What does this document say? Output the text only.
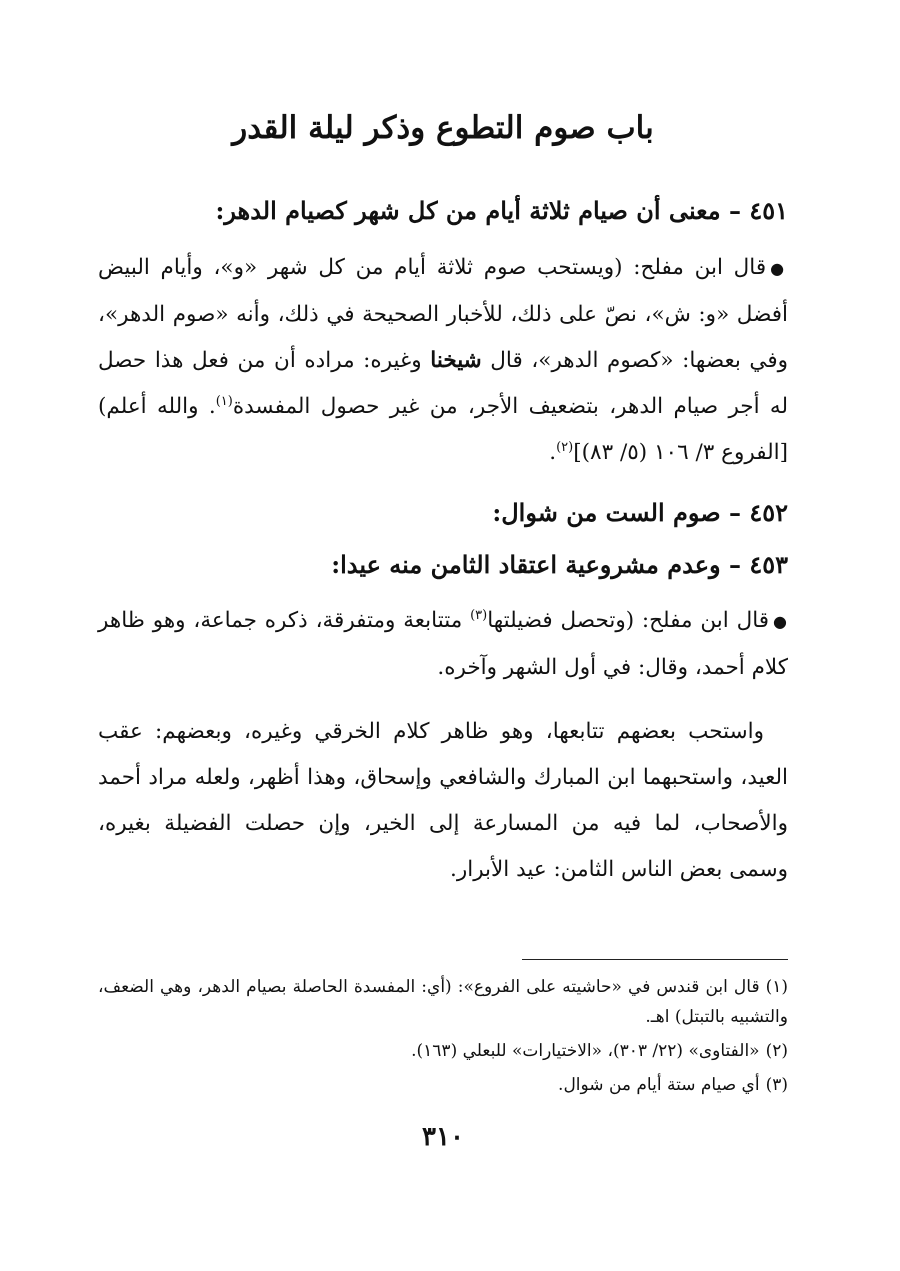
باب صوم التطوع وذكر ليلة القدر
٤٥١ – معنى أن صيام ثلاثة أيام من كل شهر كصيام الدهر:

●قال ابن مفلح: (ويستحب صوم ثلاثة أيام من كل شهر «و»، وأيام البيض أفضل «و: ش»، نصّ على ذلك، للأخبار الصحيحة في ذلك، وأنه «صوم الدهر»، وفي بعضها: «كصوم الدهر»، قال شيخنا وغيره: مراده أن من فعل هذا حصل له أجر صيام الدهر، بتضعيف الأجر، من غير حصول المفسدة$^{(١)}$. والله أعلم) [الفروع ٣/ ١٠٦ (٥/ ٨٣)]$^{(٢)}$.

٤٥٢ – صوم الست من شوال:
٤٥٣ – وعدم مشروعية اعتقاد الثامن منه عيدا:

●قال ابن مفلح: (وتحصل فضيلتها$^{(٣)}$ متتابعة ومتفرقة، ذكره جماعة، وهو ظاهر كلام أحمد، وقال: في أول الشهر وآخره.

واستحب بعضهم تتابعها، وهو ظاهر كلام الخرقي وغيره، وبعضهم: عقب العيد، واستحبهما ابن المبارك والشافعي وإسحاق، وهذا أظهر، ولعله مراد أحمد والأصحاب، لما فيه من المسارعة إلى الخير، وإن حصلت الفضيلة بغيره، وسمى بعض الناس الثامن: عيد الأبرار.

(١)قال ابن قندس في «حاشيته على الفروع»: (أي: المفسدة الحاصلة بصيام الدهر، وهي الضعف، والتشبيه بالتبتل) اهـ.

(٢)«الفتاوى» (٢٢/ ٣٠٣)، «الاختيارات» للبعلي (١٦٣).

(٣)أي صيام ستة أيام من شوال.

٣١٠
